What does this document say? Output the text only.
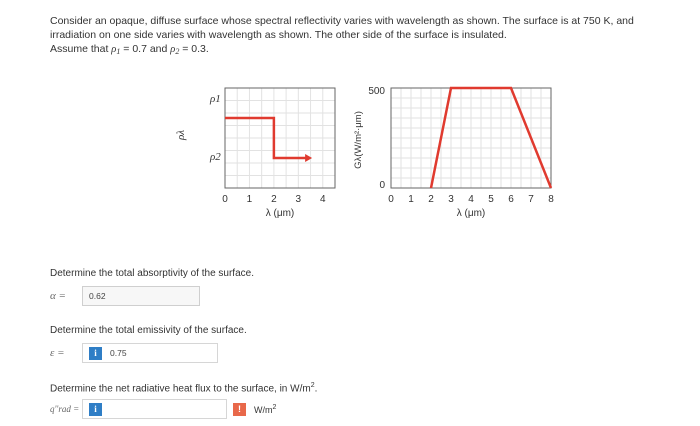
Consider an opaque, diffuse surface whose spectral reflectivity varies with wavelength as shown. The surface is at 750 K, and

irradiation on one side varies with wavelength as shown. The other side of the surface is insulated.

Assume that $\rho_1 = 0.7$ and $\rho_2 = 0.3$.

ρλ
ρ1
ρ2
0 1 2 3 4
λ (μm)
Gλ(W/m²·μm)
500
0
0 1 2 3 4 5 6 7 8
λ (μm)
Determine the total absorptivity of the surface.
α =	0.62
Determine the total emissivity of the surface.
ε =	i	0.75
Determine the net radiative heat flux to the surface, in $W/m^2$.
q''rad =	i	!	$W/m^2$
